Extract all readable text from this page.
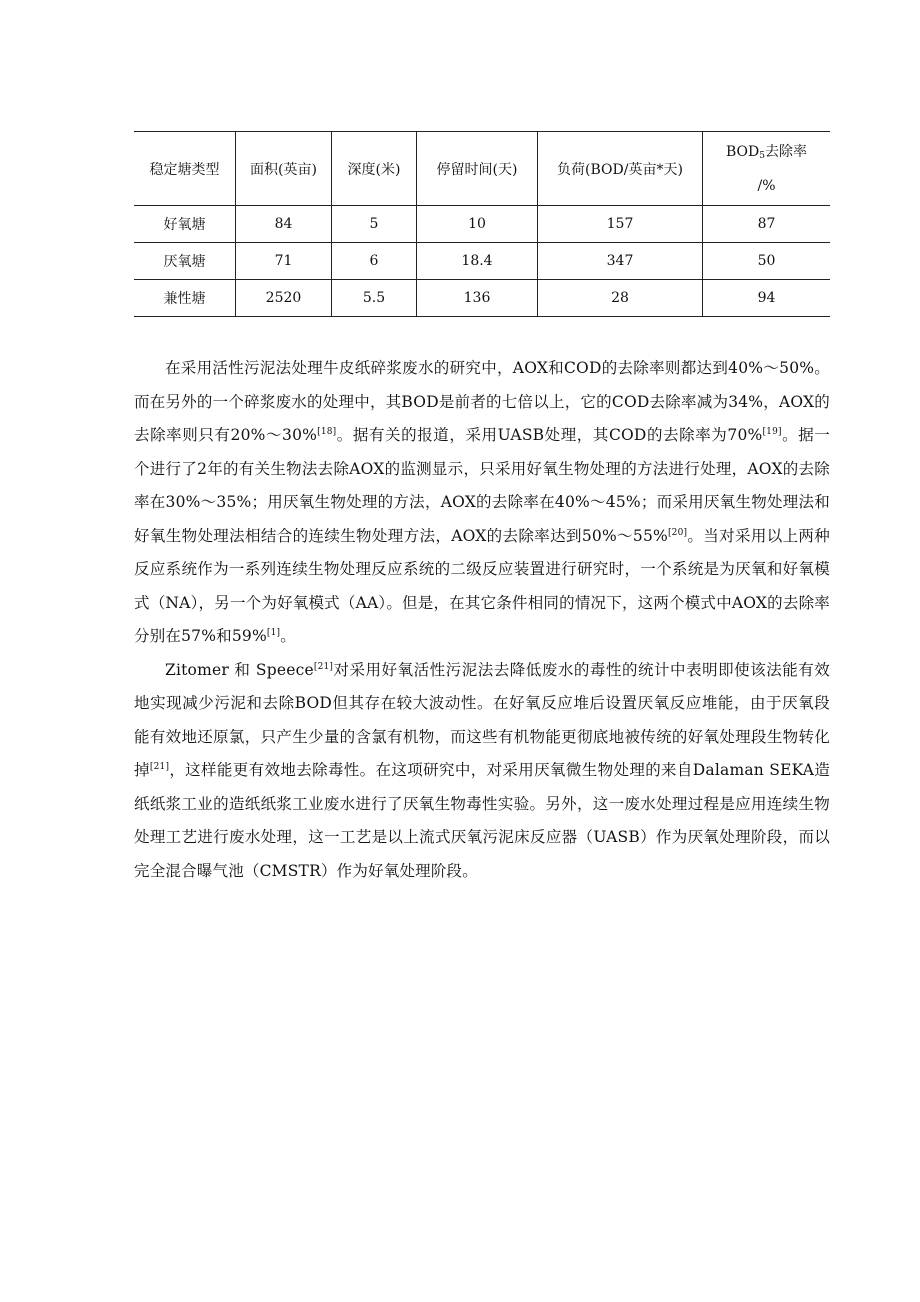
稳定塘类型	面积(英亩)	深度(米)	停留时间(天)	负荷(BOD/英亩*天)	$BOD_5$去除率
/%
好氧塘	84	5	10	157	87
厌氧塘	71	6	18.4	347	50
兼性塘	2520	5.5	136	28	94

在采用活性污泥法处理牛皮纸碎浆废水的研究中，AOX和COD的去除率则都达到40%～50%。而在另外的一个碎浆废水的处理中，其BOD是前者的七倍以上，它的COD去除率减为34%，AOX的去除率则只有20%～30%[18]。据有关的报道，采用UASB处理，其COD的去除率为70%[19]。据一个进行了2年的有关生物法去除AOX的监测显示，只采用好氧生物处理的方法进行处理，AOX的去除率在30%～35%；用厌氧生物处理的方法，AOX的去除率在40%～45%；而采用厌氧生物处理法和好氧生物处理法相结合的连续生物处理方法，AOX的去除率达到50%～55%[20]。当对采用以上两种反应系统作为一系列连续生物处理反应系统的二级反应装置进行研究时，一个系统是为厌氧和好氧模式（NA），另一个为好氧模式（AA）。但是，在其它条件相同的情况下，这两个模式中AOX的去除率分别在57%和59%[1]。

Zitomer 和 Speece[21]对采用好氧活性污泥法去降低废水的毒性的统计中表明即使该法能有效地实现减少污泥和去除BOD但其存在较大波动性。在好氧反应堆后设置厌氧反应堆能，由于厌氧段能有效地还原氯，只产生少量的含氯有机物，而这些有机物能更彻底地被传统的好氧处理段生物转化掉[21]，这样能更有效地去除毒性。在这项研究中，对采用厌氧微生物处理的来自Dalaman SEKA造纸纸浆工业的造纸纸浆工业废水进行了厌氧生物毒性实验。另外，这一废水处理过程是应用连续生物处理工艺进行废水处理，这一工艺是以上流式厌氧污泥床反应器（UASB）作为厌氧处理阶段，而以完全混合曝气池（CMSTR）作为好氧处理阶段。
